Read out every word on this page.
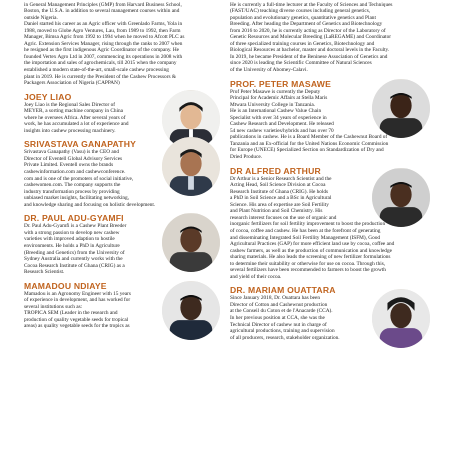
in General Management Principles (GMP) from Harvard Business School,

Boston, the U.S.A. in addition to several management courses within and

outside Nigeria.

Daniel started his career as an Agric officer with Greenlado Farms, Yola in

1988, moved to Globe Agro Ventures, Lau, from 1989 to 1992, then Farm

Manager, Bimsa Agric from 1992 to 1994 when he moved to Afcott PLC as

Agric. Extension Services Manager, rising through the ranks to 2007 when

he resigned as the first indigenous Agric Coordinator of the company. He

founded Vertex Agro Ltd in 2007, commencing its operations in 2008 with

the importation and sales of agrochemicals, till 2015 when the company

established a modern state-of-the-art, small-scale cashew processing

plant in 2019. He is currently the President of the Cashew Processors &

Packagers Association of Nigeria (CAPPAN)

JOEY LIAO

Joey Liao is the Regional Sales Director of

MEYER, a sorting machine company in China

where he oversees Africa. After several years of

work, he has accumulated a lot of experience and

insights into cashew processing machinery.

SRIVASTAVA GANAPATHY

Srivastava Ganapathy (Vasu) is the CEO and

Director of Eventell Global Advisory Services

Private Limited. Eventell owns the brands

cashewinformation.com and cashewconference.

com and is one of the promoters of social initiative,

cashewomen.com. The company supports the

industry transformation process by providing

unbiased market insights, facilitating networking,

and knowledge sharing and focusing on holistic development.

DR. PAUL ADU-GYAMFI

Dr. Paul Adu-Gyamfi is a Cashew Plant Breeder

with a strong passion to develop new cashew

varieties with improved adaption to hostile

environments. He holds a PhD in Agriculture

(Breeding and Genetics) from the University of

Sydney Australia and currently works with the

Cocoa Research Institute of Ghana (CRIG) as a

Research Scientist.

MAMADOU NDIAYE

Mamadou is an Agronomy Engineer with 15 years

of experience in development, and has worked for

several institutions such as:

TROPICA SEM (Leader in the research and

production of quality vegetable seeds for tropical

areas) as quality vegetable seeds for the tropics as

He is currently a full-time lecturer at the Faculty of Sciences and Techniques

(FAST/UAC) teaching diverse courses including general genetics,

population and evolutionary genetics, quantitative genetics and Plant

Breeding. After heading the Department of Genetics and Biotechnology

from 2016 to 2020, he is currently acting as Director of the Laboratory of

Genetic Resources and Molecular Breeding (LaREGAME) and Coordinator

of three specialized training courses in Genetics, Biotechnology and

Biological Resources at bachelor, master and doctoral levels in the Faculty.

In 2019, he became President of the Beninese Association of Genetics and

since 2020 is leading the Scientific Committee of Natural Sciences

of the University of Abomey-Calavi.

PROF. PETER MASAWE

Prof Peter Masawe is currently the Deputy

Principal for Academic Affairs at Stella Maris

Mtwara University College in Tanzania.

He is an International Cashew Value Chain

Specialist with over 34 years of experience in

Cashew Research and Development. He released

54 new cashew varieties/hybrids and has over 70

publications in cashew. He is a Board Member of the Cashewnut Board of

Tanzania and an Ex-official for the United Nations Economic Commission

for Europe (UNECE) Specialized Section on Standardization of Dry and

Dried Produce.

DR ALFRED ARTHUR

Dr Arthur is a Senior Research Scientist and the

Acting Head, Soil Science Division at Cocoa

Research Institute of Ghana (CRIG). He holds

a PhD in Soil Science and a BSc in Agricultural

Science. His area of expertise are Soil Fertility

and Plant Nutrition and Soil Chemistry. His

research interest focuses on the use of organic and

inorganic fertilizers for soil fertility improvement to boost the production

of cocoa, coffee and cashew. He has been at the forefront of generating

and disseminating Integrated Soil Fertility Management (ISFM), Good

Agricultural Practices (GAP) for more efficient land use by cocoa, coffee and

cashew farmers, as well as the production of communication and knowledge

sharing materials. He also leads the screening of new fertilizer formulations

to determine their suitability or otherwise for use on cocoa. Through this,

several fertilizers have been recommended to farmers to boost the growth

and yield of their cocoa.

DR. MARIAM OUATTARA

Since January 2018, Dr. Ouattara has been

Director of Cotton and Cashewnut production

at the Conseil du Coton et de l'Anacarde (CCA).

In her previous position at CCA, she was the

Technical Director of cashew nut in charge of

agricultural productions, training and supervision

of all producers, research, stakeholder organization.
